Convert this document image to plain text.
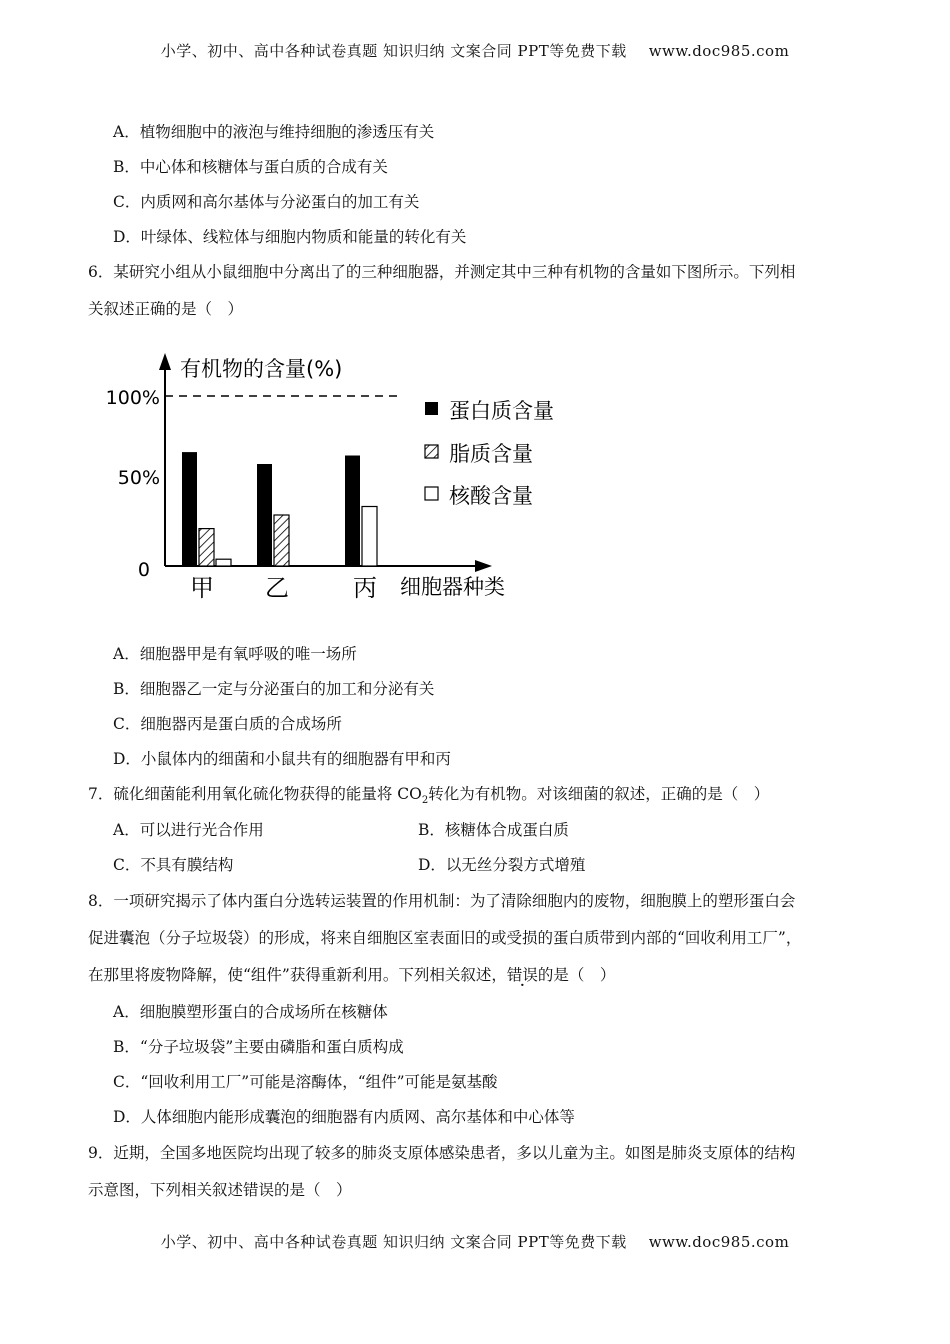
小学、初中、高中各种试卷真题 知识归纳 文案合同 PPT等免费下载 www.doc985.com
A．植物细胞中的液泡与维持细胞的渗透压有关
B．中心体和核糖体与蛋白质的合成有关
C．内质网和高尔基体与分泌蛋白的加工有关
D．叶绿体、线粒体与细胞内物质和能量的转化有关
6．某研究小组从小鼠细胞中分离出了的三种细胞器，并测定其中三种有机物的含量如下图所示。下列相
关叙述正确的是（　）
有机物的含量(%)
100%
50%
0
细胞器种类
蛋白质含量
脂质含量
核酸含量
甲 乙	丙
A．细胞器甲是有氧呼吸的唯一场所
B．细胞器乙一定与分泌蛋白的加工和分泌有关
C．细胞器丙是蛋白质的合成场所
D．小鼠体内的细菌和小鼠共有的细胞器有甲和丙
7．硫化细菌能利用氧化硫化物获得的能量将 $CO_2$转化为有机物。对该细菌的叙述，正确的是（　）
A．可以进行光合作用	B．核糖体合成蛋白质
C．不具有膜结构	D．以无丝分裂方式增殖
8．一项研究揭示了体内蛋白分选转运装置的作用机制：为了清除细胞内的废物，细胞膜上的塑形蛋白会
促进囊泡（分子垃圾袋）的形成，将来自细胞区室表面旧的或受损的蛋白质带到内部的“回收利用工厂”，
在那里将废物降解，使“组件”获得重新利用。下列相关叙述，错误的是（　）
A．细胞膜塑形蛋白的合成场所在核糖体
B．“分子垃圾袋”主要由磷脂和蛋白质构成
C．“回收利用工厂”可能是溶酶体，“组件”可能是氨基酸
D．人体细胞内能形成囊泡的细胞器有内质网、高尔基体和中心体等
9．近期，全国多地医院均出现了较多的肺炎支原体感染患者，多以儿童为主。如图是肺炎支原体的结构
示意图，下列相关叙述错误的是（　）
小学、初中、高中各种试卷真题 知识归纳 文案合同 PPT等免费下载 www.doc985.com
